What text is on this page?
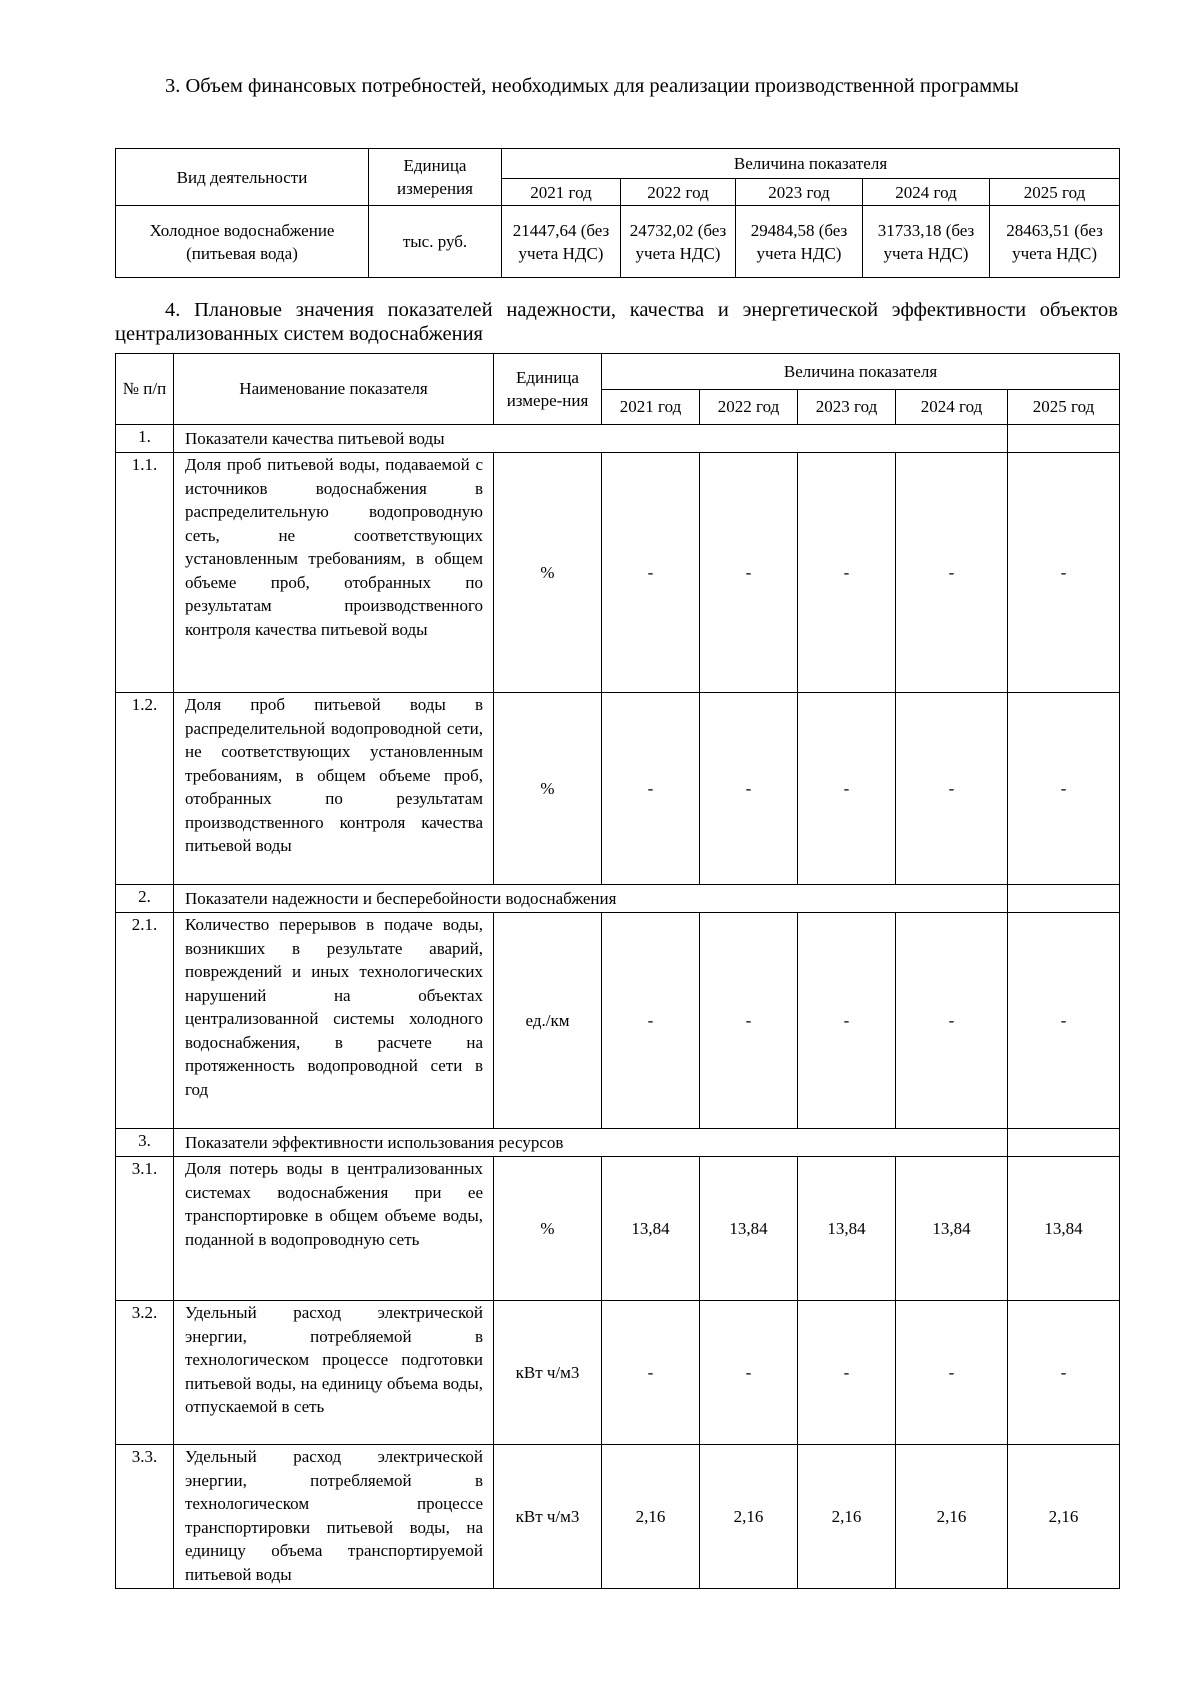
3. Объем финансовых потребностей, необходимых для реализации производственной программы
Вид деятельности	Единица измерения	Величина показателя				
		2021 год	2022 год	2023 год	2024 год	2025 год
Холодное водоснабжение (питьевая вода)	тыс. руб.	21447,64 (без учета НДС)	24732,02 (без учета НДС)	29484,58 (без учета НДС)	31733,18 (без учета НДС)	28463,51 (без учета НДС)
4. Плановые значения показателей надежности, качества и энергетической эффективности объектов централизованных систем водоснабжения
№ п/п	Наименование показателя	Единица измере-ния	Величина показателя				
			2021 год	2022 год	2023 год	2024 год	2025 год
1.	Показатели качества питьевой воды						
1.1.	Доля проб питьевой воды, подаваемой с источников водоснабжения в распределительную водопроводную сеть, не соответствующих установленным требованиям, в общем объеме проб, отобранных по результатам производственного контроля качества питьевой воды	%	-	-	-	-	-
1.2.	Доля проб питьевой воды в распределительной водопроводной сети, не соответствующих установленным требованиям, в общем объеме проб, отобранных по результатам производственного контроля качества питьевой воды	%	-	-	-	-	-
2.	Показатели надежности и бесперебойности водоснабжения						
2.1.	Количество перерывов в подаче воды, возникших в результате аварий, повреждений и иных технологических нарушений на объектах централизованной системы холодного водоснабжения, в расчете на протяженность водопроводной сети в год	ед./км	-	-	-	-	-
3.	Показатели эффективности использования ресурсов						
3.1.	Доля потерь воды в централизованных системах водоснабжения при ее транспортировке в общем объеме воды, поданной в водопроводную сеть	%	13,84	13,84	13,84	13,84	13,84
3.2.	Удельный расход электрической энергии, потребляемой в технологическом процессе подготовки питьевой воды, на единицу объема воды, отпускаемой в сеть	кВт ч/м3	-	-	-	-	-
3.3.	Удельный расход электрической энергии, потребляемой в технологическом процессе транспортировки питьевой воды, на единицу объема транспортируемой питьевой воды	кВт ч/м3	2,16	2,16	2,16	2,16	2,16
